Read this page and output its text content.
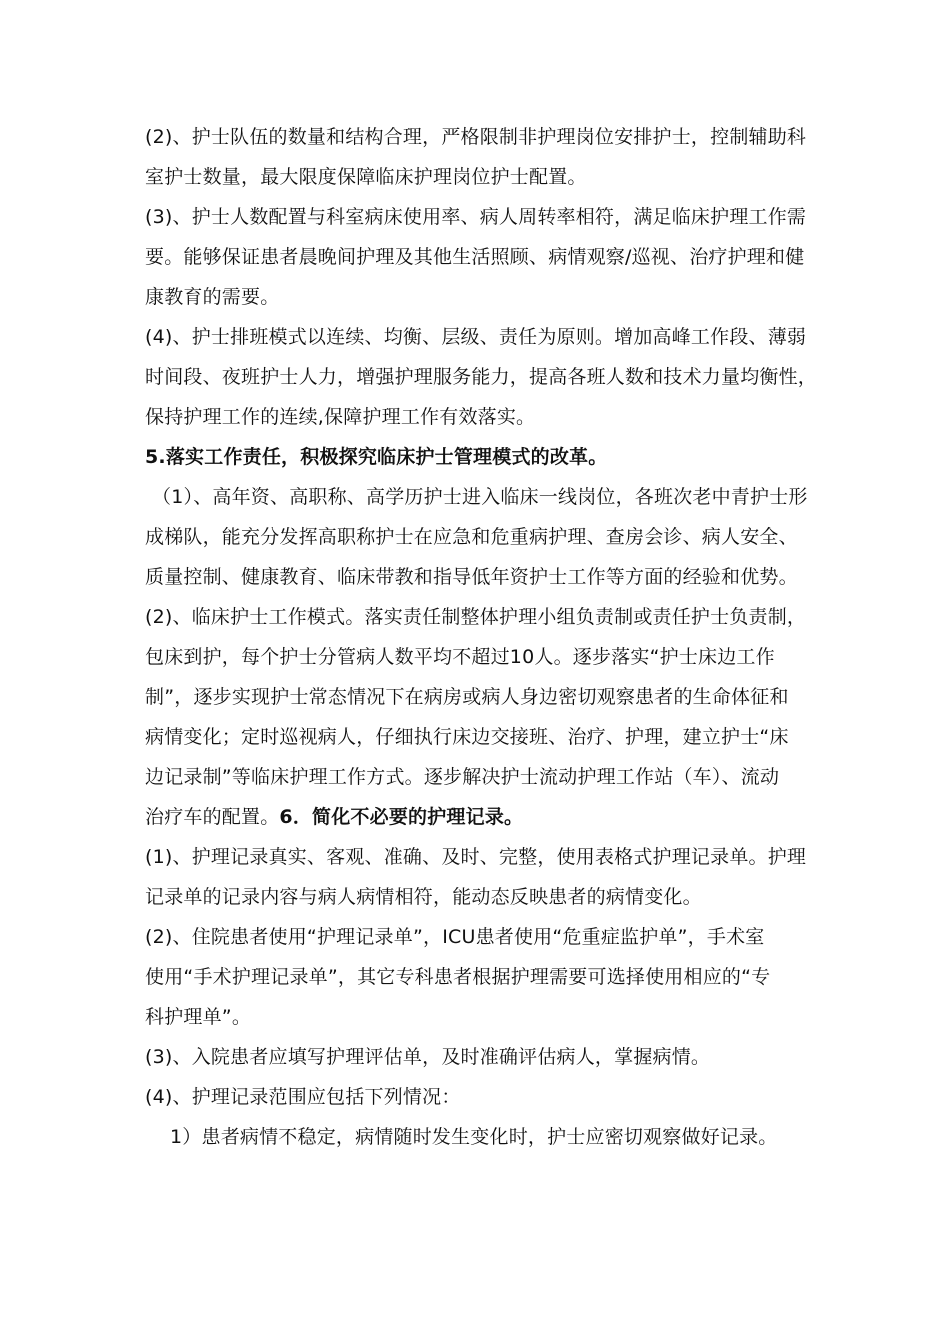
(2)、护士队伍的数量和结构合理，严格限制非护理岗位安排护士，控制辅助科
室护士数量，最大限度保障临床护理岗位护士配置。
(3)、护士人数配置与科室病床使用率、病人周转率相符，满足临床护理工作需
要。能够保证患者晨晚间护理及其他生活照顾、病情观察/巡视、治疗护理和健
康教育的需要。
(4)、护士排班模式以连续、均衡、层级、责任为原则。增加高峰工作段、薄弱
时间段、夜班护士人力，增强护理服务能力，提高各班人数和技术力量均衡性，
保持护理工作的连续,保障护理工作有效落实。
5.落实工作责任，积极探究临床护士管理模式的改革。
（1）、高年资、高职称、高学历护士进入临床一线岗位，各班次老中青护士形
成梯队，能充分发挥高职称护士在应急和危重病护理、查房会诊、病人安全、
质量控制、健康教育、临床带教和指导低年资护士工作等方面的经验和优势。
(2)、临床护士工作模式。落实责任制整体护理小组负责制或责任护士负责制，
包床到护，每个护士分管病人数平均不超过10人。逐步落实“护士床边工作
制”，逐步实现护士常态情况下在病房或病人身边密切观察患者的生命体征和
病情变化；定时巡视病人，仔细执行床边交接班、治疗、护理，建立护士“床
边记录制”等临床护理工作方式。逐步解决护士流动护理工作站（车）、流动
治疗车的配置。6．简化不必要的护理记录。
(1)、护理记录真实、客观、准确、及时、完整，使用表格式护理记录单。护理
记录单的记录内容与病人病情相符，能动态反映患者的病情变化。
(2)、住院患者使用“护理记录单”，ICU患者使用“危重症监护单”，手术室
使用“手术护理记录单”，其它专科患者根据护理需要可选择使用相应的“专
科护理单”。
(3)、入院患者应填写护理评估单，及时准确评估病人，掌握病情。
(4)、护理记录范围应包括下列情况：
1）患者病情不稳定，病情随时发生变化时，护士应密切观察做好记录。
